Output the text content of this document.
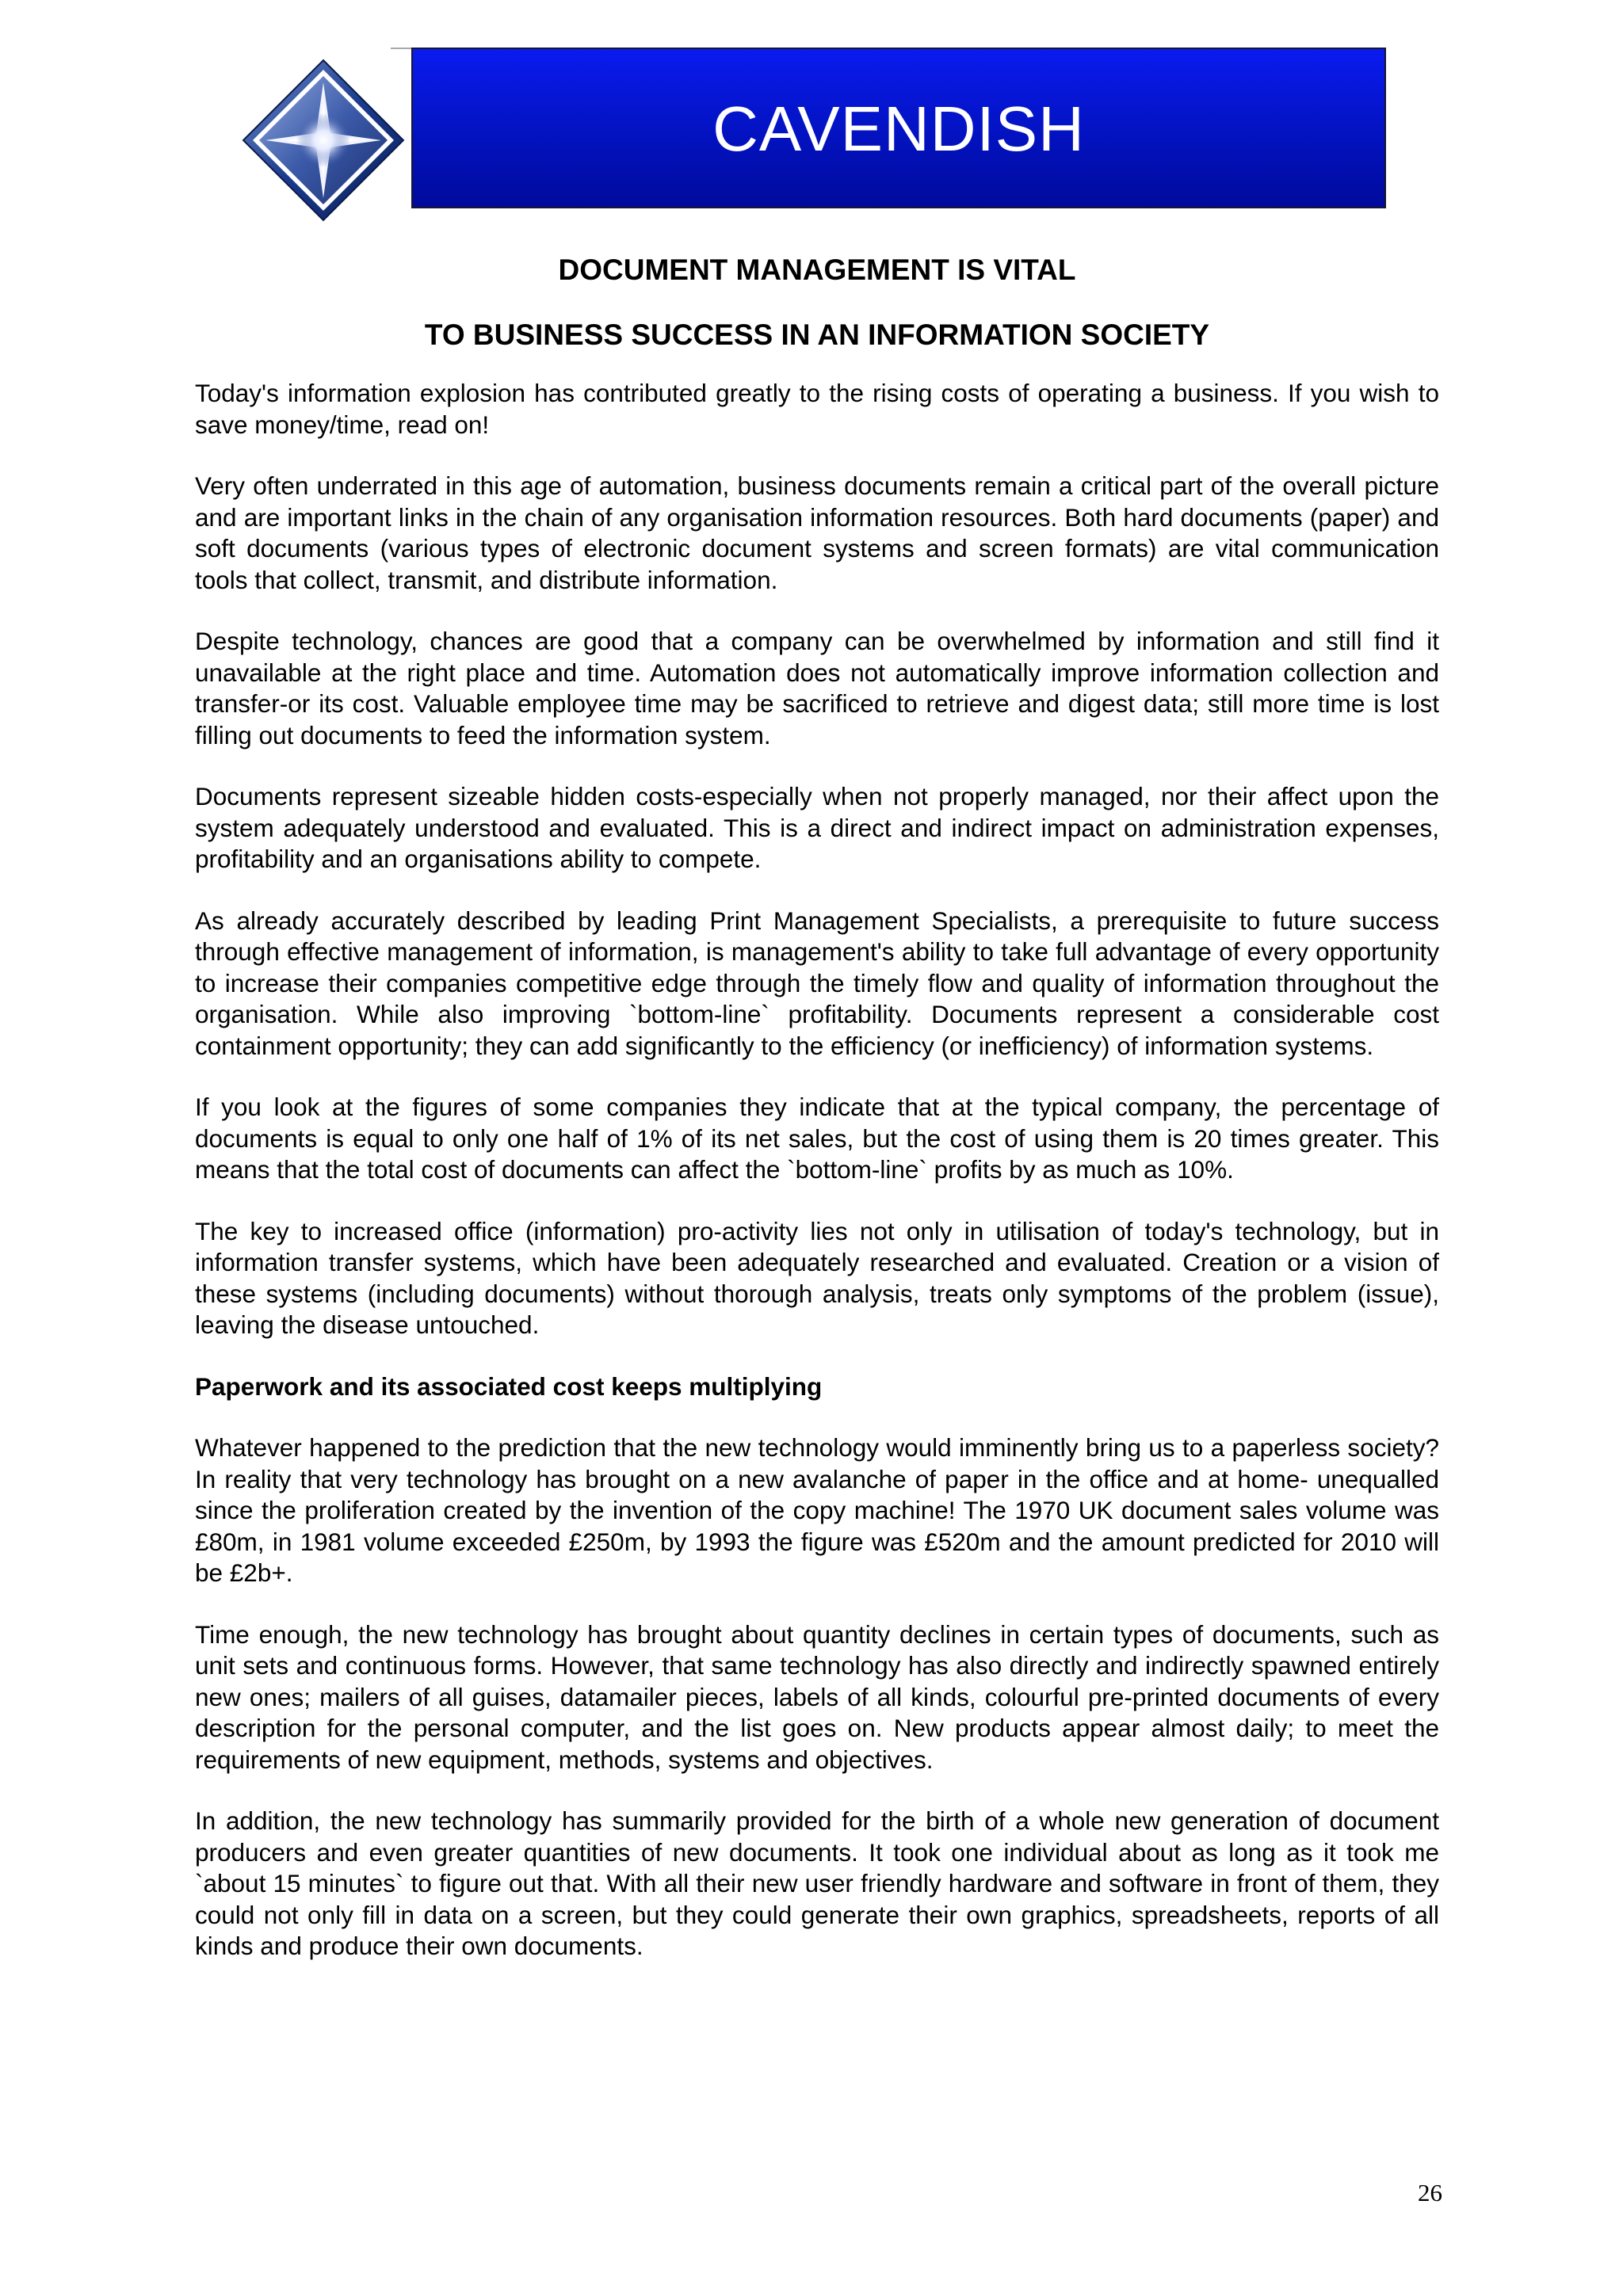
CAVENDISH
DOCUMENT MANAGEMENT IS VITAL
TO BUSINESS SUCCESS IN AN INFORMATION SOCIETY

Today's information explosion has contributed greatly to the rising costs of operating a business. If you wish to save money/time, read on!

Very often underrated in this age of automation, business documents remain a critical part of the overall picture and are important links in the chain of any organisation information resources. Both hard documents (paper) and soft documents (various types of electronic document systems and screen formats) are vital communication tools that collect, transmit, and distribute information.

Despite technology, chances are good that a company can be overwhelmed by information and still find it unavailable at the right place and time. Automation does not automatically improve information collection and transfer-or its cost. Valuable employee time may be sacrificed to retrieve and digest data; still more time is lost filling out documents to feed the information system.

Documents represent sizeable hidden costs-especially when not properly managed, nor their affect upon the system adequately understood and evaluated. This is a direct and indirect impact on administration expenses, profitability and an organisations ability to compete.

As already accurately described by leading Print Management Specialists, a prerequisite to future success through effective management of information, is management's ability to take full advantage of every opportunity to increase their companies competitive edge through the timely flow and quality of information throughout the organisation. While also improving `bottom-line` profitability. Documents represent a considerable cost containment opportunity; they can add significantly to the efficiency (or inefficiency) of information systems.

If you look at the figures of some companies they indicate that at the typical company, the percentage of documents is equal to only one half of 1% of its net sales, but the cost of using them is 20 times greater. This means that the total cost of documents can affect the `bottom-line` profits by as much as 10%.

The key to increased office (information) pro-activity lies not only in utilisation of today's technology, but in information transfer systems, which have been adequately researched and evaluated. Creation or a vision of these systems (including documents) without thorough analysis, treats only symptoms of the problem (issue), leaving the disease untouched.

Paperwork and its associated cost keeps multiplying

Whatever happened to the prediction that the new technology would imminently bring us to a paperless society? In reality that very technology has brought on a new avalanche of paper in the office and at home- unequalled since the proliferation created by the invention of the copy machine! The 1970 UK document sales volume was £80m, in 1981 volume exceeded £250m, by 1993 the figure was £520m and the amount predicted for 2010 will be £2b+.

Time enough, the new technology has brought about quantity declines in certain types of documents, such as unit sets and continuous forms. However, that same technology has also directly and indirectly spawned entirely new ones; mailers of all guises, datamailer pieces, labels of all kinds, colourful pre-printed documents of every description for the personal computer, and the list goes on. New products appear almost daily; to meet the requirements of new equipment, methods, systems and objectives.

In addition, the new technology has summarily provided for the birth of a whole new generation of document producers and even greater quantities of new documents. It took one individual about as long as it took me `about 15 minutes` to figure out that. With all their new user friendly hardware and software in front of them, they could not only fill in data on a screen, but they could generate their own graphics, spreadsheets, reports of all kinds and produce their own documents.

26
